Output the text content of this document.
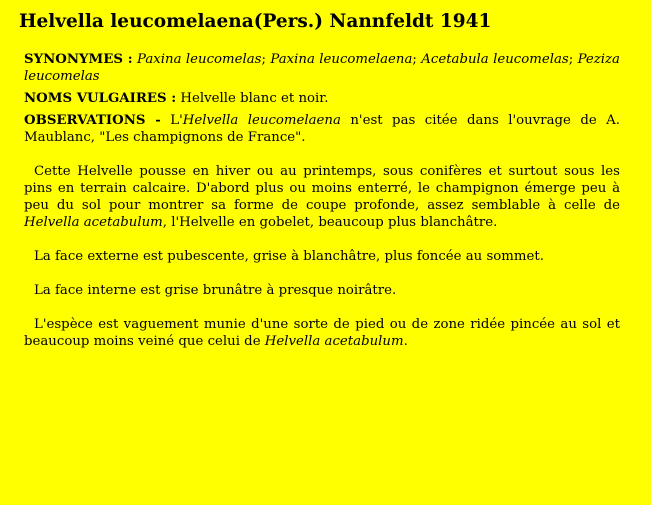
Helvella leucomelaena(Pers.) Nannfeldt 1941

SYNONYMES : Paxina leucomelas; Paxina leucomelaena; Acetabula leucomelas; Peziza leucomelas

NOMS VULGAIRES : Helvelle blanc et noir.

OBSERVATIONS - L'Helvella leucomelaena n'est pas citée dans l'ouvrage de A. Maublanc, "Les champignons de France".

Cette Helvelle pousse en hiver ou au printemps, sous conifères et surtout sous les pins en terrain calcaire. D'abord plus ou moins enterré, le champignon émerge peu à peu du sol pour montrer sa forme de coupe profonde, assez semblable à celle de Helvella acetabulum, l'Helvelle en gobelet, beaucoup plus blanchâtre.

La face externe est pubescente, grise à blanchâtre, plus foncée au sommet.

La face interne est grise brunâtre à presque noirâtre.

L'espèce est vaguement munie d'une sorte de pied ou de zone ridée pincée au sol et beaucoup moins veiné que celui de Helvella acetabulum.
